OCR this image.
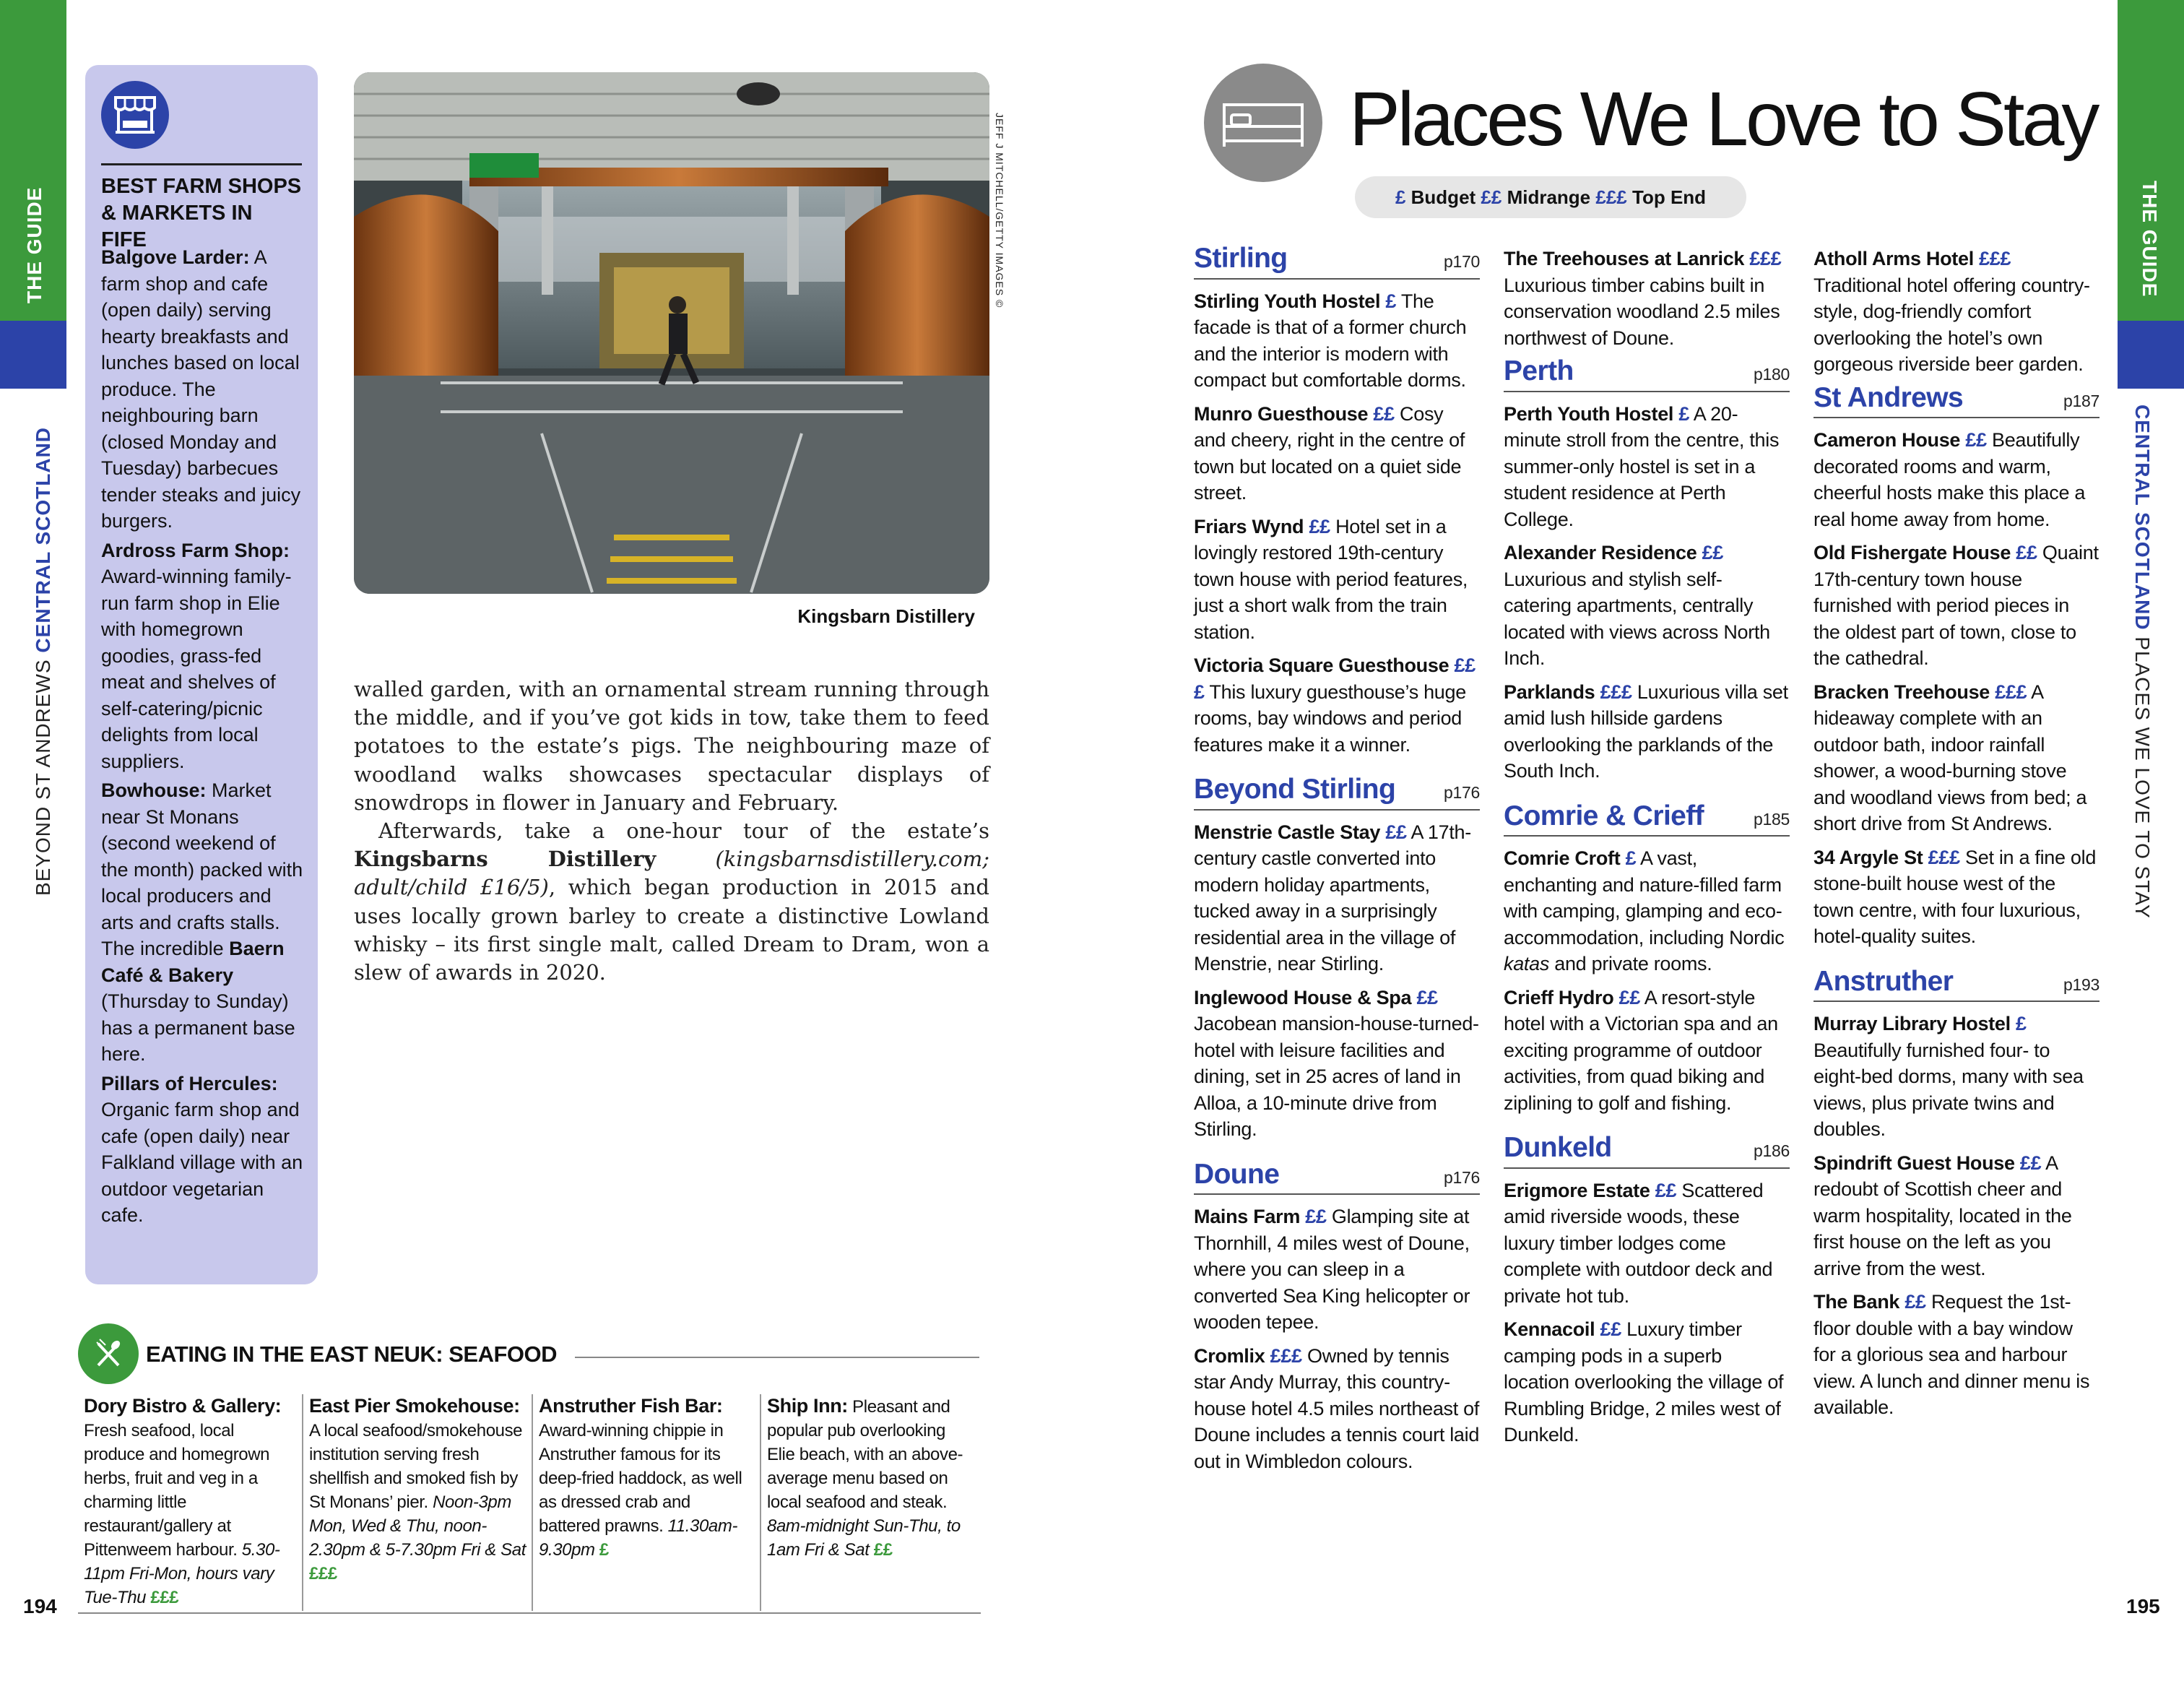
THE GUIDE
BEYOND ST ANDREWS CENTRAL SCOTLAND
194
THE GUIDE
CENTRAL SCOTLAND PLACES WE LOVE TO STAY
195
BEST FARM SHOPS & MARKETS IN FIFE
Balgove Larder: A farm shop and cafe (open daily) serving hearty breakfasts and lunches based on local produce. The neighbouring barn (closed Monday and Tuesday) barbecues tender steaks and juicy burgers.
Ardross Farm Shop: Award-winning family-run farm shop in Elie with homegrown goodies, grass-fed meat and shelves of self-catering/picnic delights from local suppliers.
Bowhouse: Market near St Monans (second weekend of the month) packed with local producers and arts and crafts stalls. The incredible Baern Café & Bakery (Thursday to Sunday) has a permanent base here.
Pillars of Hercules: Organic farm shop and cafe (open daily) near Falkland village with an outdoor vegetarian cafe.
JEFF J MITCHELL/GETTY IMAGES ©
Kingsbarn Distillery

walled garden, with an ornamental stream running through the middle, and if you’ve got kids in tow, take them to feed potatoes to the estate’s pigs. The neighbouring maze of woodland walks showcases spectacular displays of snowdrops in flower in January and February.

Afterwards, take a one-hour tour of the estate’s Kingsbarns Distillery (kingsbarnsdistillery.com; adult/child £16/5), which began production in 2015 and uses locally grown barley to create a distinctive Lowland whisky – its first single malt, called Dream to Dram, won a slew of awards in 2020.

EATING IN THE EAST NEUK: SEAFOOD
Dory Bistro & Gallery: Fresh seafood, local produce and homegrown herbs, fruit and veg in a charming little restaurant/gallery at Pittenweem harbour. 5.30-11pm Fri-Mon, hours vary Tue-Thu £££
East Pier Smokehouse: A local seafood/smokehouse institution serving fresh shellfish and smoked fish by St Monans’ pier. Noon-3pm Mon, Wed & Thu, noon-2.30pm & 5-7.30pm Fri & Sat £££
Anstruther Fish Bar: Award-winning chippie in Anstruther famous for its deep-fried haddock, as well as dressed crab and battered prawns. 11.30am-9.30pm £
Ship Inn: Pleasant and popular pub overlooking Elie beach, with an above-average menu based on local seafood and steak. 8am-midnight Sun-Thu, to 1am Fri & Sat ££
Places We Love to Stay
£ Budget ££ Midrange £££ Top End
Stirling	p170
Stirling Youth Hostel £ The facade is that of a former church and the interior is modern with compact but comfortable dorms.
Munro Guesthouse ££ Cosy and cheery, right in the centre of town but located on a quiet side street.
Friars Wynd ££ Hotel set in a lovingly restored 19th-century town house with period features, just a short walk from the train station.
Victoria Square Guesthouse £££ This luxury guesthouse’s huge rooms, bay windows and period features make it a winner.
Beyond Stirling	p176
Menstrie Castle Stay ££ A 17th-century castle converted into modern holiday apartments, tucked away in a surprisingly residential area in the village of Menstrie, near Stirling.
Inglewood House & Spa ££ Jacobean mansion-house-turned-hotel with leisure facilities and dining, set in 25 acres of land in Alloa, a 10-minute drive from Stirling.
Doune	p176
Mains Farm ££ Glamping site at Thornhill, 4 miles west of Doune, where you can sleep in a converted Sea King helicopter or wooden tepee.
Cromlix £££ Owned by tennis star Andy Murray, this country-house hotel 4.5 miles northeast of Doune includes a tennis court laid out in Wimbledon colours.
The Treehouses at Lanrick £££ Luxurious timber cabins built in conservation woodland 2.5 miles northwest of Doune.
Perth	p180
Perth Youth Hostel £ A 20-minute stroll from the centre, this summer-only hostel is set in a student residence at Perth College.
Alexander Residence ££ Luxurious and stylish self-catering apartments, centrally located with views across North Inch.
Parklands £££ Luxurious villa set amid lush hillside gardens overlooking the parklands of the South Inch.
Comrie & Crieff	p185
Comrie Croft £ A vast, enchanting and nature-filled farm with camping, glamping and eco-accommodation, including Nordic katas and private rooms.
Crieff Hydro ££ A resort-style hotel with a Victorian spa and an exciting programme of outdoor activities, from quad biking and ziplining to golf and fishing.
Dunkeld	p186
Erigmore Estate ££ Scattered amid riverside woods, these luxury timber lodges come complete with outdoor deck and private hot tub.
Kennacoil ££ Luxury timber camping pods in a superb location overlooking the village of Rumbling Bridge, 2 miles west of Dunkeld.
Atholl Arms Hotel £££ Traditional hotel offering country-style, dog-friendly comfort overlooking the hotel’s own gorgeous riverside beer garden.
St Andrews	p187
Cameron House ££ Beautifully decorated rooms and warm, cheerful hosts make this place a real home away from home.
Old Fishergate House ££ Quaint 17th-century town house furnished with period pieces in the oldest part of town, close to the cathedral.
Bracken Treehouse £££ A hideaway complete with an outdoor bath, indoor rainfall shower, a wood-burning stove and woodland views from bed; a short drive from St Andrews.
34 Argyle St £££ Set in a fine old stone-built house west of the town centre, with four luxurious, hotel-quality suites.
Anstruther	p193
Murray Library Hostel £ Beautifully furnished four- to eight-bed dorms, many with sea views, plus private twins and doubles.
Spindrift Guest House ££ A redoubt of Scottish cheer and warm hospitality, located in the first house on the left as you arrive from the west.
The Bank ££ Request the 1st-floor double with a bay window for a glorious sea and harbour view. A lunch and dinner menu is available.
